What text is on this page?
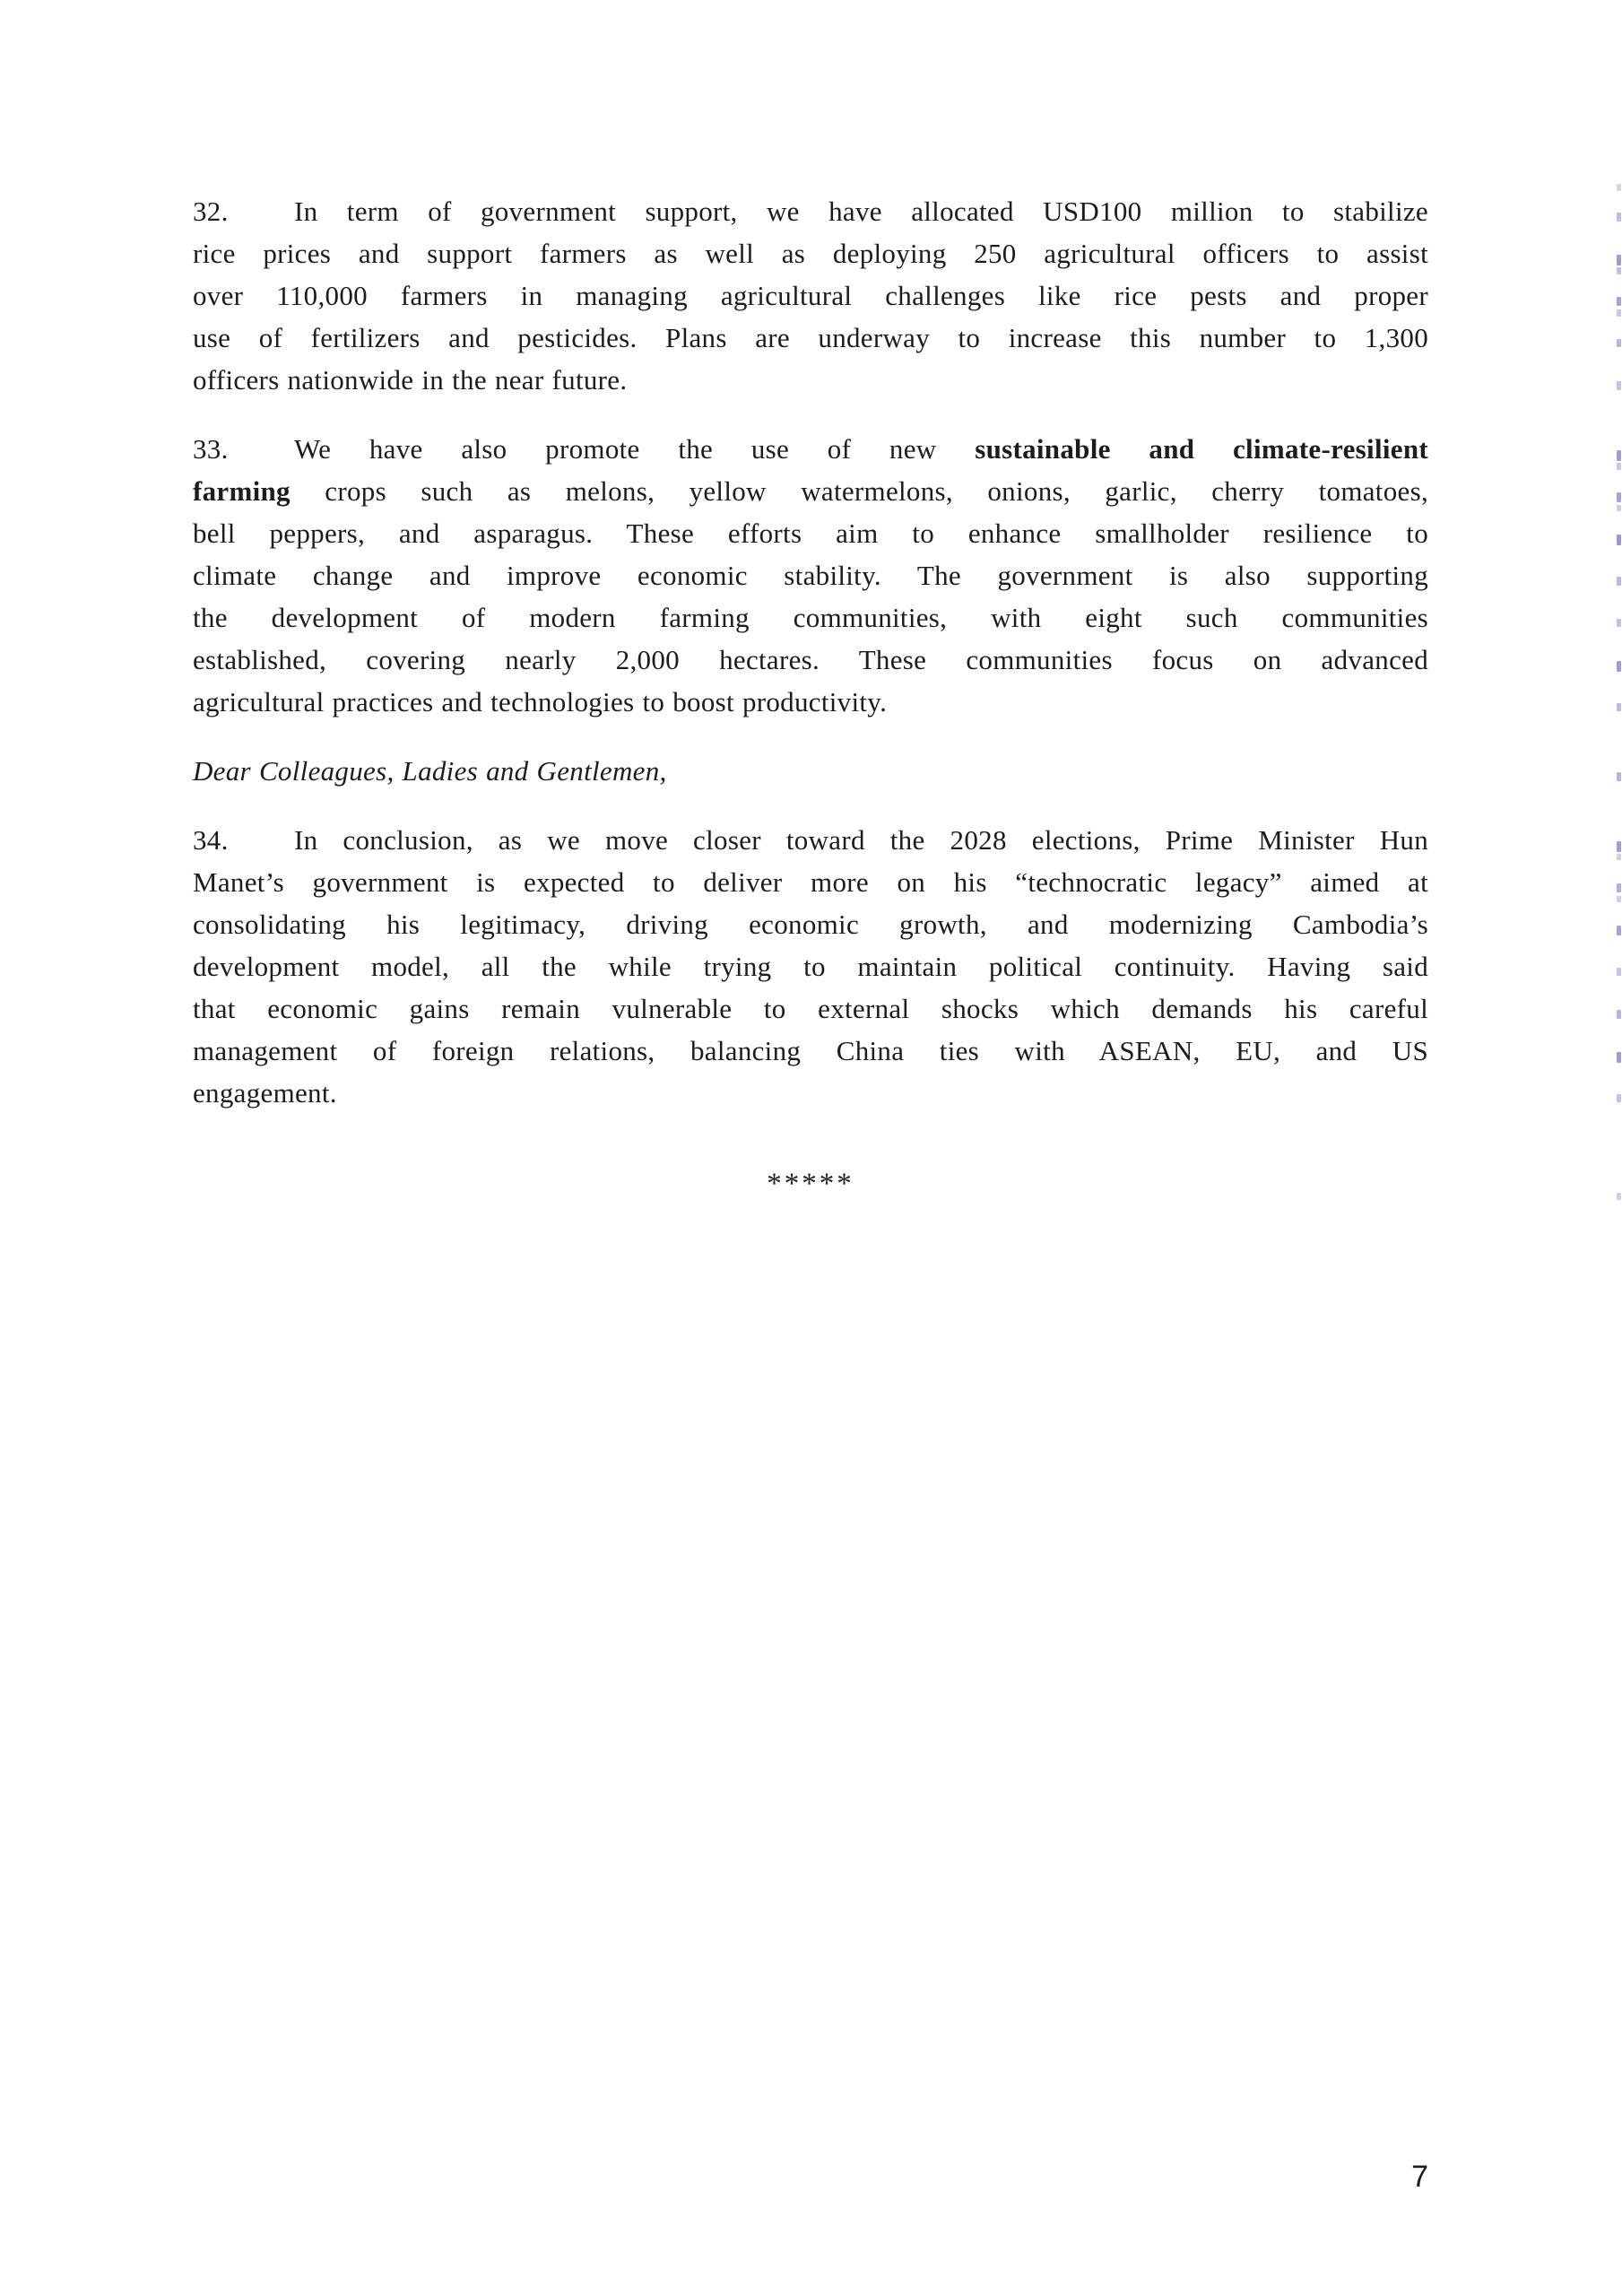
32. In term of government support, we have allocated USD100 million to stabilize
rice prices and support farmers as well as deploying 250 agricultural officers to assist
over 110,000 farmers in managing agricultural challenges like rice pests and proper
use of fertilizers and pesticides. Plans are underway to increase this number to 1,300
officers nationwide in the near future.
33. We have also promote the use of new sustainable and climate-resilient
farming crops such as melons, yellow watermelons, onions, garlic, cherry tomatoes,
bell peppers, and asparagus. These efforts aim to enhance smallholder resilience to
climate change and improve economic stability. The government is also supporting
the development of modern farming communities, with eight such communities
established, covering nearly 2,000 hectares. These communities focus on advanced
agricultural practices and technologies to boost productivity.
Dear Colleagues, Ladies and Gentlemen,
34. In conclusion, as we move closer toward the 2028 elections, Prime Minister Hun
Manet’s government is expected to deliver more on his “technocratic legacy” aimed at
consolidating his legitimacy, driving economic growth, and modernizing Cambodia’s
development model, all the while trying to maintain political continuity. Having said
that economic gains remain vulnerable to external shocks which demands his careful
management of foreign relations, balancing China ties with ASEAN, EU, and US
engagement.
*****
7
